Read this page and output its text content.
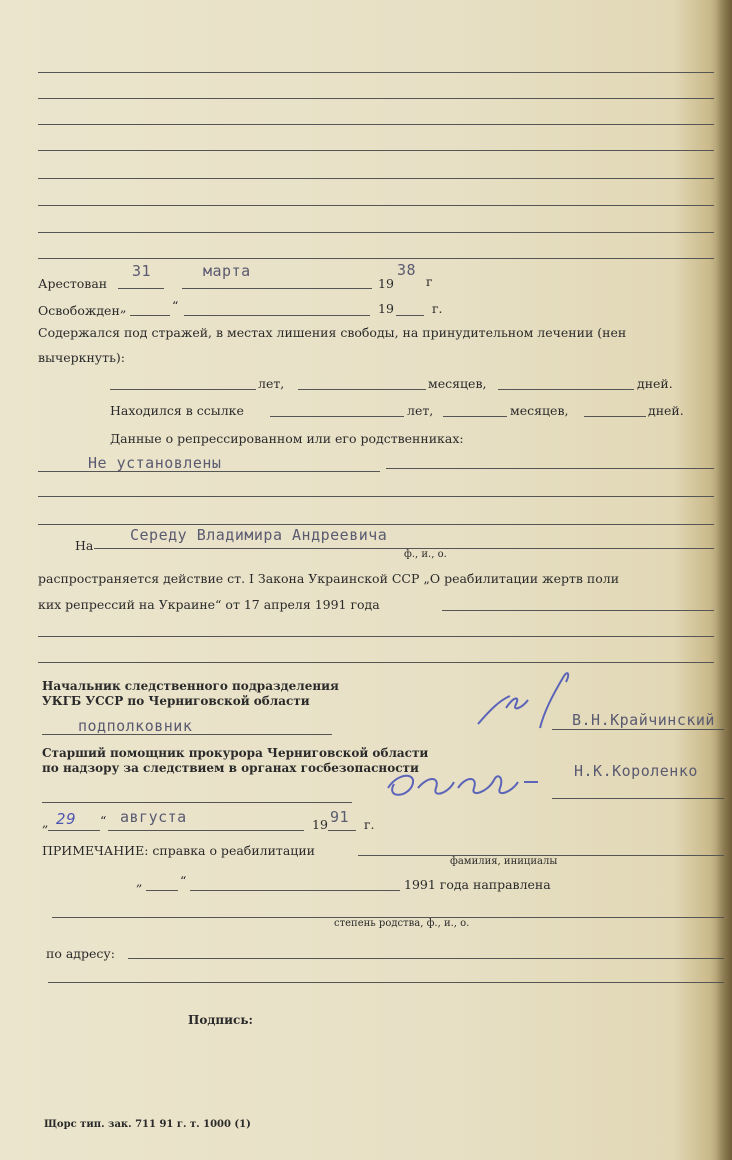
Арестован
31	марта
19
38
г
Освобожден „	“	19	г.
Содержался под стражей, в местах лишения свободы, на принудительном лечении (нен
вычеркнуть):
лет,	месяцев,	дней.
Находился в ссылке	лет,	месяцев,	дней.
Данные о репрессированном или его родственниках:
Не установлены
На
Середу Владимира Андреевича
ф., и., о.
распространяется действие ст. I Закона Украинской ССР „О реабилитации жертв поли
ких репрессий на Украине“ от 17 апреля 1991 года
Начальник следственного подразделения
УКГБ УССР по Черниговской области
подполковник	В.Н.Крайчинский
Старший помощник прокурора Черниговской области
по надзору за следствием в органах госбезопасности	Н.К.Короленко
„ 29 “ августа	19 91 г.
ПРИМЕЧАНИЕ: справка о реабилитации
фамилия, инициалы
„	“	1991 года направлена
степень родства, ф., и., о.
по адресу:
Подпись:
Щорс тип. зак. 711 91 г. т. 1000 (1)
